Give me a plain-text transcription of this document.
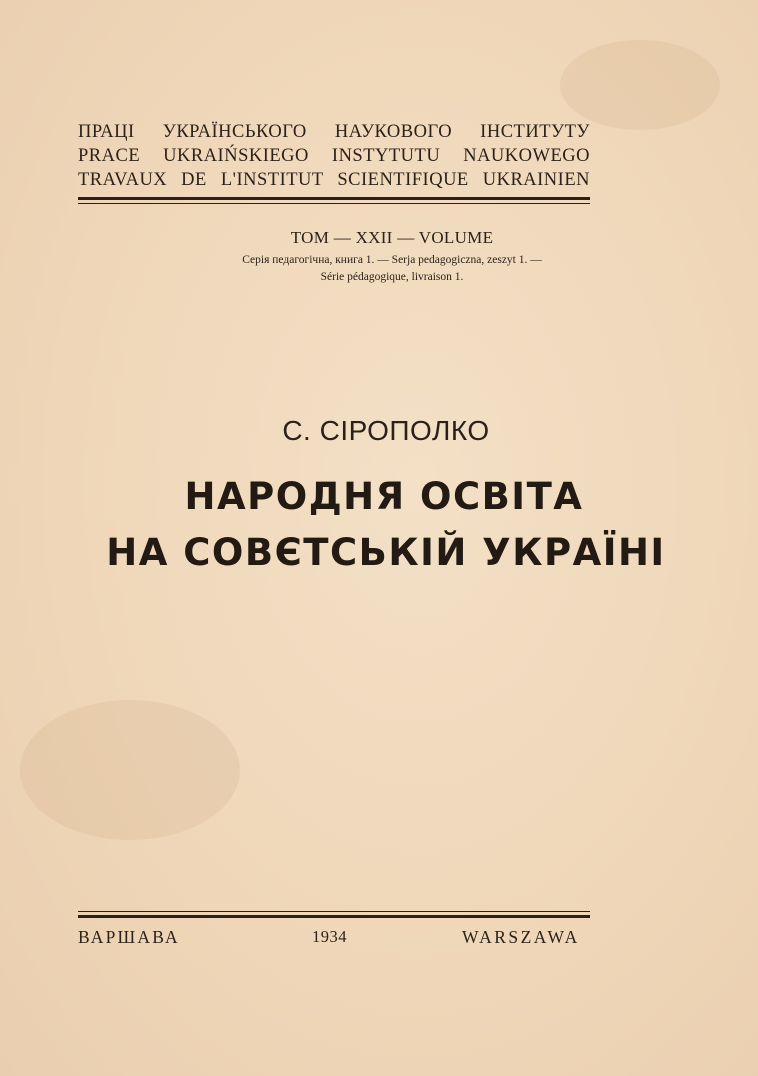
ПРАЦІ УКРАЇНСЬКОГО НАУКОВОГО ІНСТИТУТУ
PRACE UKRAIŃSKIEGO INSTYTUTU NAUKOWEGO
TRAVAUX DE L'INSTITUT SCIENTIFIQUE UKRAINIEN
ТОМ — XXII — VOLUME
Серія педагогічна, книга 1. — Serja pedagogiczna, zeszyt 1. —
Série pédagogique, livraison 1.
С. СІРОПОЛКО
НАРОДНЯ ОСВІТА
НА СОВЄТСЬКІЙ УКРАЇНІ
ВАРШАВА	1934	WARSZAWA
